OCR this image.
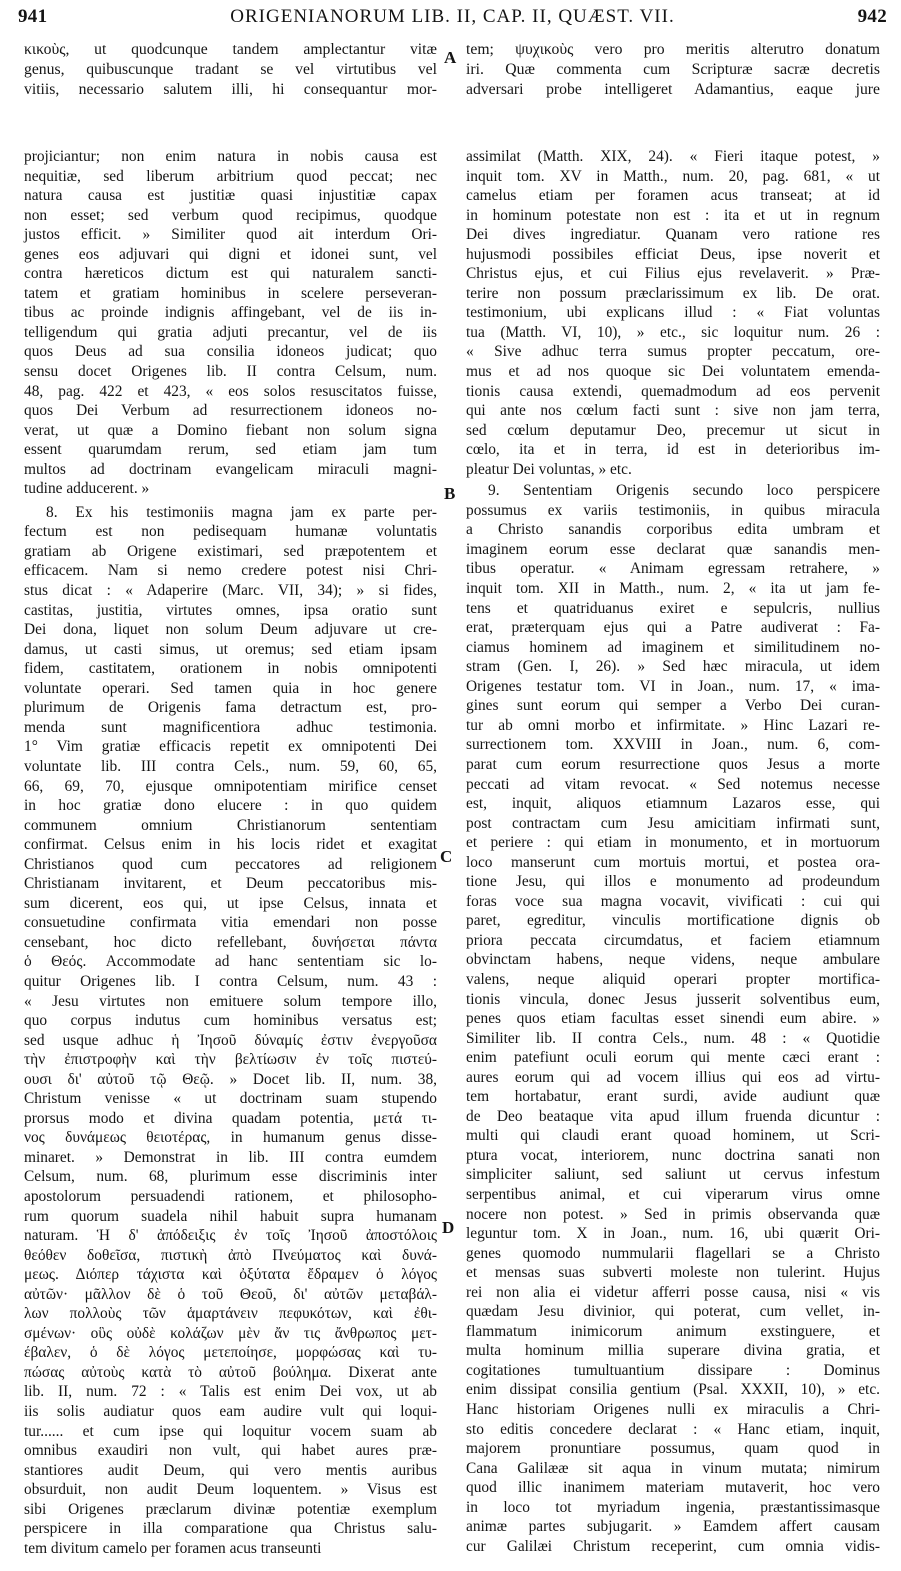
941	ORIGENIANORUM LIB. II, CAP. II, QUÆST. VII.	942
κικοὺς, ut quodcunque tandem amplectantur vitæ
genus, quibuscunque tradant se vel virtutibus vel
vitiis, necessario salutem illi, hi consequantur mor-
tem; ψυχικοὺς vero pro meritis alterutro donatum
iri. Quæ commenta cum Scripturæ sacræ decretis
adversari probe intelligeret Adamantius, eaque jure
projiciantur; non enim natura in nobis causa est
nequitiæ, sed liberum arbitrium quod peccat; nec
natura causa est justitiæ quasi injustitiæ capax
non esset; sed verbum quod recipimus, quodque
justos efficit. » Similiter quod ait interdum Ori-
genes eos adjuvari qui digni et idonei sunt, vel
contra hæreticos dictum est qui naturalem sancti-
tatem et gratiam hominibus in scelere perseveran-
tibus ac proinde indignis affingebant, vel de iis in-
telligendum qui gratia adjuti precantur, vel de iis
quos Deus ad sua consilia idoneos judicat; quo
sensu docet Origenes lib. II contra Celsum, num.
48, pag. 422 et 423, « eos solos resuscitatos fuisse,
quos Dei Verbum ad resurrectionem idoneos no-
verat, ut quæ a Domino fiebant non solum signa
essent quarumdam rerum, sed etiam jam tum
multos ad doctrinam evangelicam miraculi magni-
tudine adducerent. »
8. Ex his testimoniis magna jam ex parte per-
fectum est non pedisequam humanæ voluntatis
gratiam ab Origene existimari, sed præpotentem et
efficacem. Nam si nemo credere potest nisi Chri-
stus dicat : « Adaperire (Marc. VII, 34); » si fides,
castitas, justitia, virtutes omnes, ipsa oratio sunt
Dei dona, liquet non solum Deum adjuvare ut cre-
damus, ut casti simus, ut oremus; sed etiam ipsam
fidem, castitatem, orationem in nobis omnipotenti
voluntate operari. Sed tamen quia in hoc genere
plurimum de Origenis fama detractum est, pro-
menda sunt magnificentiora adhuc testimonia.
1° Vim gratiæ efficacis repetit ex omnipotenti Dei
voluntate lib. III contra Cels., num. 59, 60, 65,
66, 69, 70, ejusque omnipotentiam mirifice censet
in hoc gratiæ dono elucere : in quo quidem
communem omnium Christianorum sententiam
confirmat. Celsus enim in his locis ridet et exagitat
Christianos quod cum peccatores ad religionem
Christianam invitarent, et Deum peccatoribus mis-
sum dicerent, eos qui, ut ipse Celsus, innata et
consuetudine confirmata vitia emendari non posse
censebant, hoc dicto refellebant, δυνήσεται πάντα
ὁ Θεός. Accommodate ad hanc sententiam sic lo-
quitur Origenes lib. I contra Celsum, num. 43 :
« Jesu virtutes non emituere solum tempore illo,
quo corpus indutus cum hominibus versatus est;
sed usque adhuc ἡ Ἰησοῦ δύναμίς ἐστιν ἐνεργοῦσα
τὴν ἐπιστροφὴν καὶ τὴν βελτίωσιν ἐν τοῖς πιστεύ-
ουσι δι' αὐτοῦ τῷ Θεῷ. » Docet lib. II, num. 38,
Christum venisse « ut doctrinam suam stupendo
prorsus modo et divina quadam potentia, μετά τι-
νος δυνάμεως θειοτέρας, in humanum genus disse-
minaret. » Demonstrat in lib. III contra eumdem
Celsum, num. 68, plurimum esse discriminis inter
apostolorum persuadendi rationem, et philosopho-
rum quorum suadela nihil habuit supra humanam
naturam. Ἡ δ' ἀπόδειξις ἐν τοῖς Ἰησοῦ ἀποστόλοις
θεόθεν δοθεῖσα, πιστικὴ ἀπὸ Πνεύματος καὶ δυνά-
μεως. Διόπερ τάχιστα καὶ ὀξύτατα ἔδραμεν ὁ λόγος
αὐτῶν· μᾶλλον δὲ ὁ τοῦ Θεοῦ, δι' αὐτῶν μεταβάλ-
λων πολλοὺς τῶν ἁμαρτάνειν πεφυκότων, καὶ ἐθι-
σμένων· οὓς οὐδὲ κολάζων μὲν ἄν τις ἄνθρωπος μετ-
έβαλεν, ὁ δὲ λόγος μετεποίησε, μορφώσας καὶ τυ-
πώσας αὐτοὺς κατὰ τὸ αὐτοῦ βούλημα. Dixerat ante
lib. II, num. 72 : « Talis est enim Dei vox, ut ab
iis solis audiatur quos eam audire vult qui loqui-
tur...... et cum ipse qui loquitur vocem suam ab
omnibus exaudiri non vult, qui habet aures præ-
stantiores audit Deum, qui vero mentis auribus
obsurduit, non audit Deum loquentem. » Visus est
sibi Origenes præclarum divinæ potentiæ exemplum
perspicere in illa comparatione qua Christus salu-
tem divitum camelo per foramen acus transeunti
assimilat (Matth. XIX, 24). « Fieri itaque potest, »
inquit tom. XV in Matth., num. 20, pag. 681, « ut
camelus etiam per foramen acus transeat; at id
in hominum potestate non est : ita et ut in regnum
Dei dives ingrediatur. Quanam vero ratione res
hujusmodi possibiles efficiat Deus, ipse noverit et
Christus ejus, et cui Filius ejus revelaverit. » Præ-
terire non possum præclarissimum ex lib. De orat.
testimonium, ubi explicans illud : « Fiat voluntas
tua (Matth. VI, 10), » etc., sic loquitur num. 26 :
« Sive adhuc terra sumus propter peccatum, ore-
mus et ad nos quoque sic Dei voluntatem emenda-
tionis causa extendi, quemadmodum ad eos pervenit
qui ante nos cœlum facti sunt : sive non jam terra,
sed cœlum deputamur Deo, precemur ut sicut in
cœlo, ita et in terra, id est in deterioribus im-
pleatur Dei voluntas, » etc.
9. Sententiam Origenis secundo loco perspicere
possumus ex variis testimoniis, in quibus miracula
a Christo sanandis corporibus edita umbram et
imaginem eorum esse declarat quæ sanandis men-
tibus operatur. « Animam egressam retrahere, »
inquit tom. XII in Matth., num. 2, « ita ut jam fe-
tens et quatriduanus exiret e sepulcris, nullius
erat, præterquam ejus qui a Patre audiverat : Fa-
ciamus hominem ad imaginem et similitudinem no-
stram (Gen. I, 26). » Sed hæc miracula, ut idem
Origenes testatur tom. VI in Joan., num. 17, « ima-
gines sunt eorum qui semper a Verbo Dei curan-
tur ab omni morbo et infirmitate. » Hinc Lazari re-
surrectionem tom. XXVIII in Joan., num. 6, com-
parat cum eorum resurrectione quos Jesus a morte
peccati ad vitam revocat. « Sed notemus necesse
est, inquit, aliquos etiamnum Lazaros esse, qui
post contractam cum Jesu amicitiam infirmati sunt,
et periere : qui etiam in monumento, et in mortuorum
loco manserunt cum mortuis mortui, et postea ora-
tione Jesu, qui illos e monumento ad prodeundum
foras voce sua magna vocavit, vivificati : cui qui
paret, egreditur, vinculis mortificatione dignis ob
priora peccata circumdatus, et faciem etiamnum
obvinctam habens, neque videns, neque ambulare
valens, neque aliquid operari propter mortifica-
tionis vincula, donec Jesus jusserit solventibus eum,
penes quos etiam facultas esset sinendi eum abire. »
Similiter lib. II contra Cels., num. 48 : « Quotidie
enim patefiunt oculi eorum qui mente cæci erant :
aures eorum qui ad vocem illius qui eos ad virtu-
tem hortabatur, erant surdi, avide audiunt quæ
de Deo beataque vita apud illum fruenda dicuntur :
multi qui claudi erant quoad hominem, ut Scri-
ptura vocat, interiorem, nunc doctrina sanati non
simpliciter saliunt, sed saliunt ut cervus infestum
serpentibus animal, et cui viperarum virus omne
nocere non potest. » Sed in primis observanda quæ
leguntur tom. X in Joan., num. 16, ubi quærit Ori-
genes quomodo nummularii flagellari se a Christo
et mensas suas subverti moleste non tulerint. Hujus
rei non alia ei videtur afferri posse causa, nisi « vis
quædam Jesu divinior, qui poterat, cum vellet, in-
flammatum inimicorum animum exstinguere, et
multa hominum millia superare divina gratia, et
cogitationes tumultuantium dissipare : Dominus
enim dissipat consilia gentium (Psal. XXXII, 10), » etc.
Hanc historiam Origenes nulli ex miraculis a Chri-
sto editis concedere declarat : « Hanc etiam, inquit,
majorem pronuntiare possumus, quam quod in
Cana Galilææ sit aqua in vinum mutata; nimirum
quod illic inanimem materiam mutaverit, hoc vero
in loco tot myriadum ingenia, præstantissimasque
animæ partes subjugarit. » Eamdem affert causam
cur Galilæi Christum receperint, cum omnia vidis-
A
B
C
D
